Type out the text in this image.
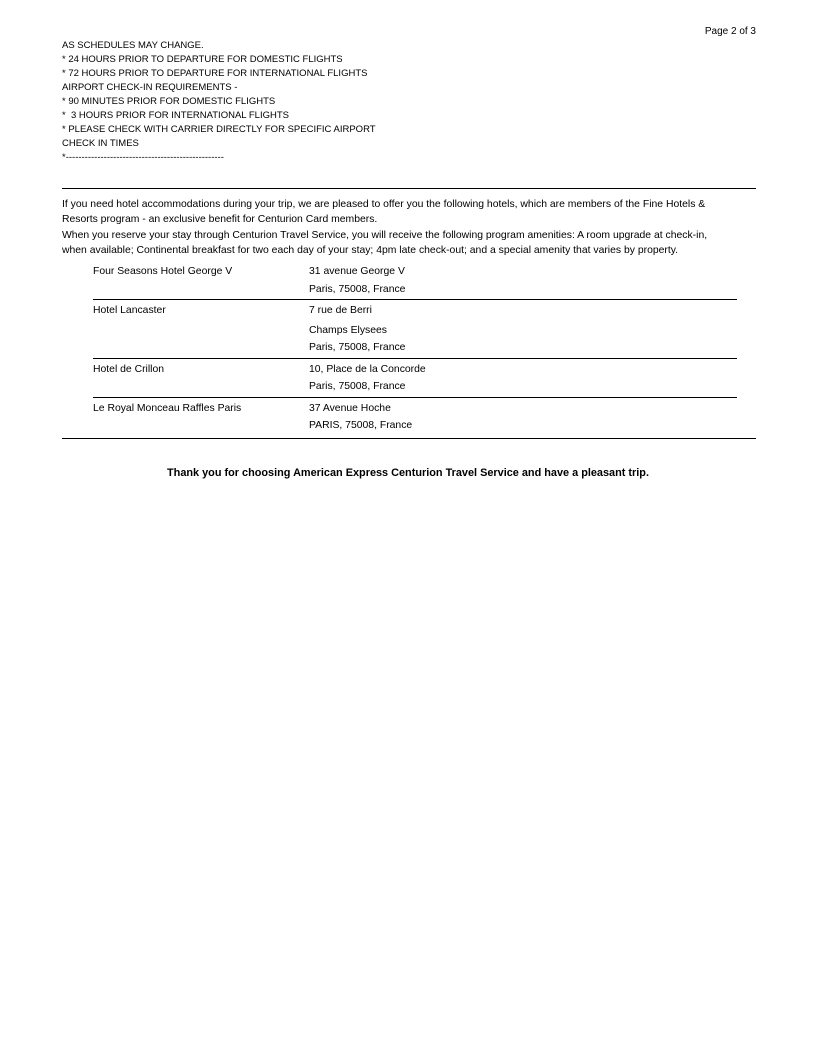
Page 2 of 3
AS SCHEDULES MAY CHANGE.
* 24 HOURS PRIOR TO DEPARTURE FOR DOMESTIC FLIGHTS
* 72 HOURS PRIOR TO DEPARTURE FOR INTERNATIONAL FLIGHTS
AIRPORT CHECK-IN REQUIREMENTS -
* 90 MINUTES PRIOR FOR DOMESTIC FLIGHTS
*  3 HOURS PRIOR FOR INTERNATIONAL FLIGHTS
* PLEASE CHECK WITH CARRIER DIRECTLY FOR SPECIFIC AIRPORT
CHECK IN TIMES
*--------------------------------------------------
If you need hotel accommodations during your trip, we are pleased to offer you the following hotels, which are members of the Fine Hotels &
Resorts program - an exclusive benefit for Centurion Card members.
When you reserve your stay through Centurion Travel Service, you will receive the following program amenities: A room upgrade at check-in,
when available; Continental breakfast for two each day of your stay; 4pm late check-out; and a special amenity that varies by property.
Four Seasons Hotel George V	31 avenue George V
Paris, 75008, France
Hotel Lancaster	7 rue de Berri
Champs Elysees
Paris, 75008, France
Hotel de Crillon	10, Place de la Concorde
Paris, 75008, France
Le Royal Monceau Raffles Paris	37 Avenue Hoche
PARIS, 75008, France
Thank you for choosing American Express Centurion Travel Service and have a pleasant trip.
